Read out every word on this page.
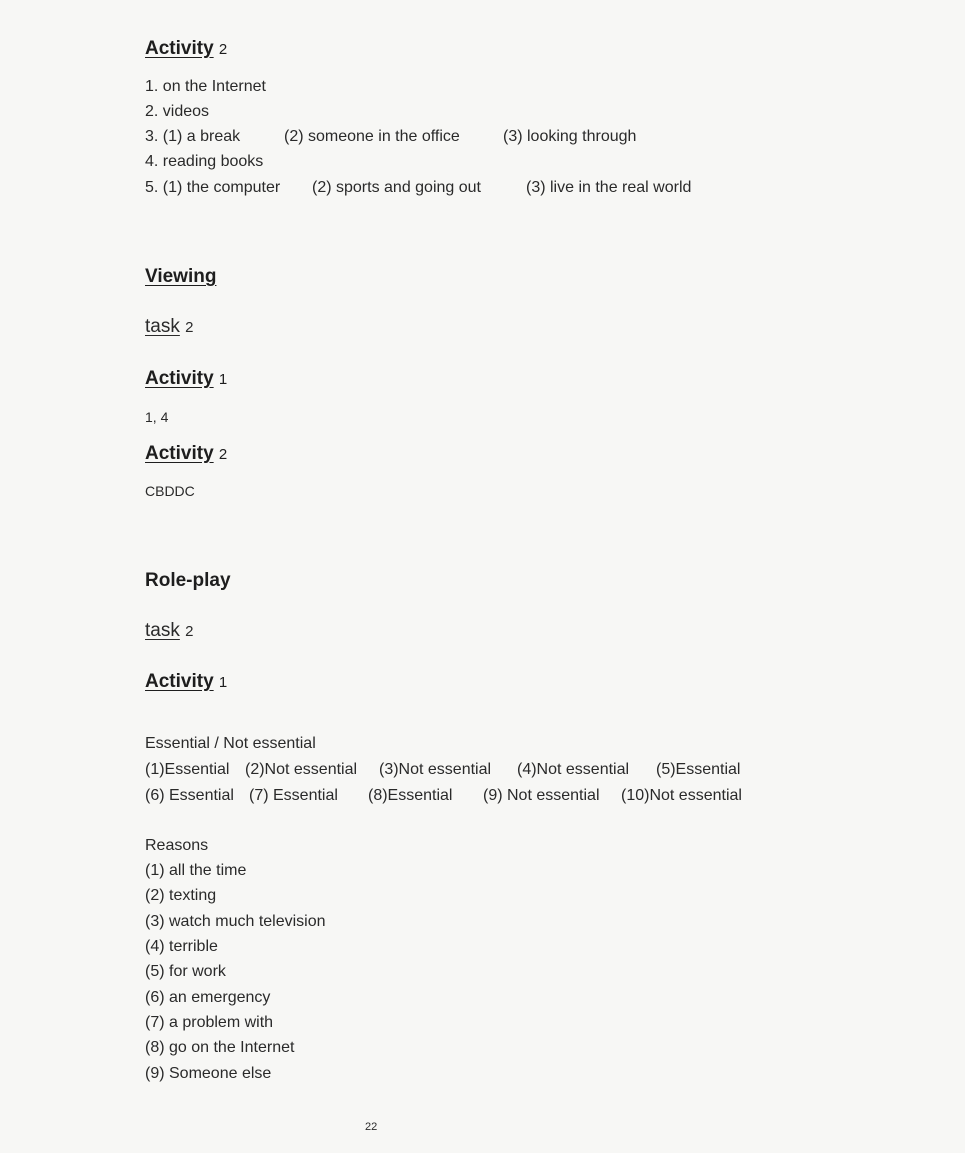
Activity 2
1. on the Internet
2. videos
3. (1) a break	(2) someone in the office	(3) looking through
4. reading books
5. (1) the computer (2) sports and going out	(3) live in the real world
Viewing
task 2
Activity 1
1, 4
Activity 2
CBDDC
Role-play
task 2
Activity 1
Essential / Not essential
(1)Essential (2)Not essential (3)Not essential (4)Not essential (5)Essential
(6) Essential (7) Essential (8)Essential (9) Not essential (10)Not essential
Reasons
(1) all the time
(2) texting
(3) watch much television
(4) terrible
(5) for work
(6) an emergency
(7) a problem with
(8) go on the Internet
(9) Someone else
22
